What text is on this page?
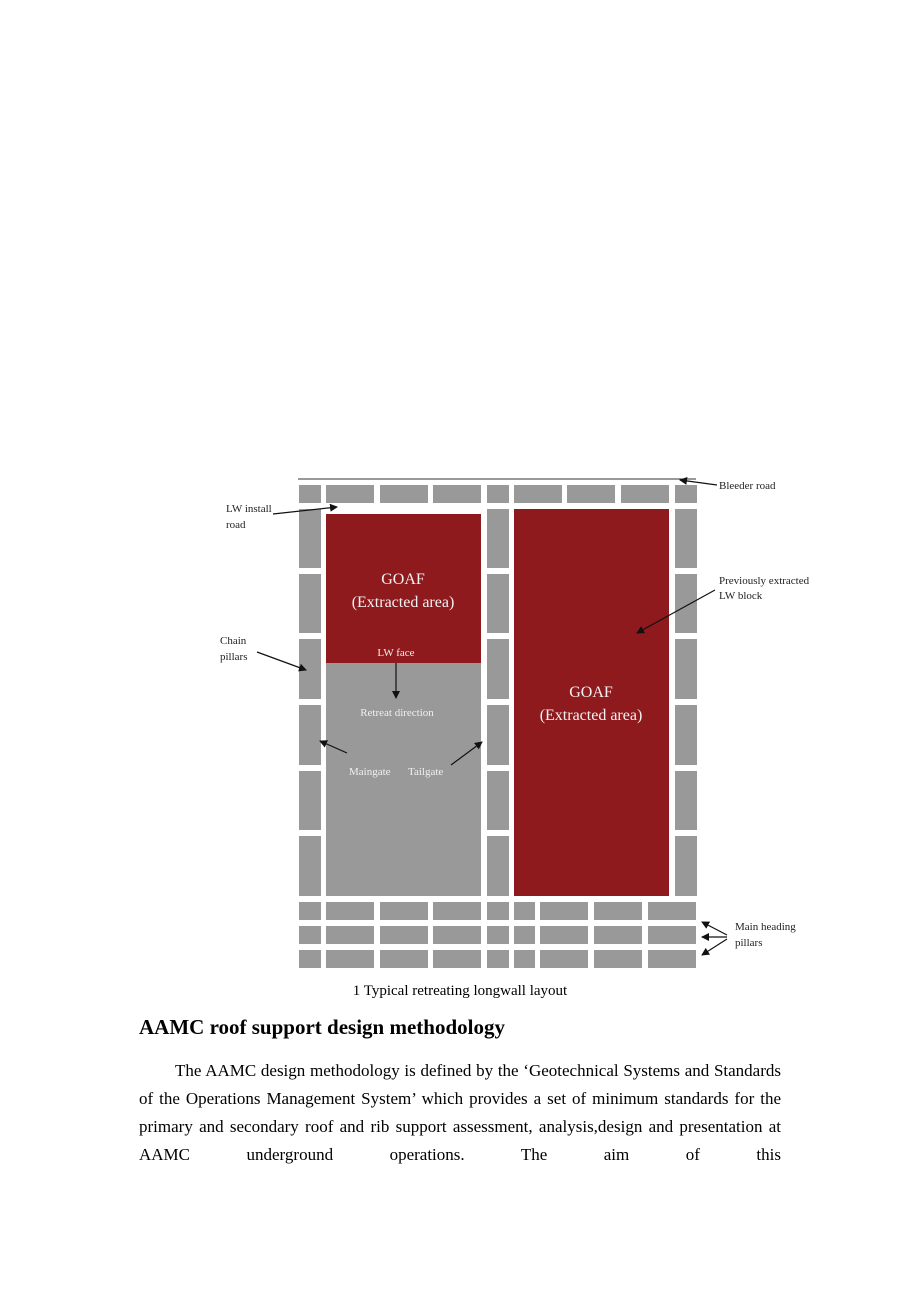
GOAF
(Extracted area)
GOAF
(Extracted area)
LW face
Retreat direction
Maingate Tailgate
Bleeder road
LW install
road
Previously extracted
LW block
Chain
pillars
Main heading
pillars
1 Typical retreating longwall layout
AAMC roof support design methodology

The AAMC design methodology is defined by the ‘Geotechnical Systems and Standards of the Operations Management System’ which provides a set of minimum standards for the primary and secondary roof and rib support assessment, analysis,design and presentation at AAMC underground operations. The aim of this
